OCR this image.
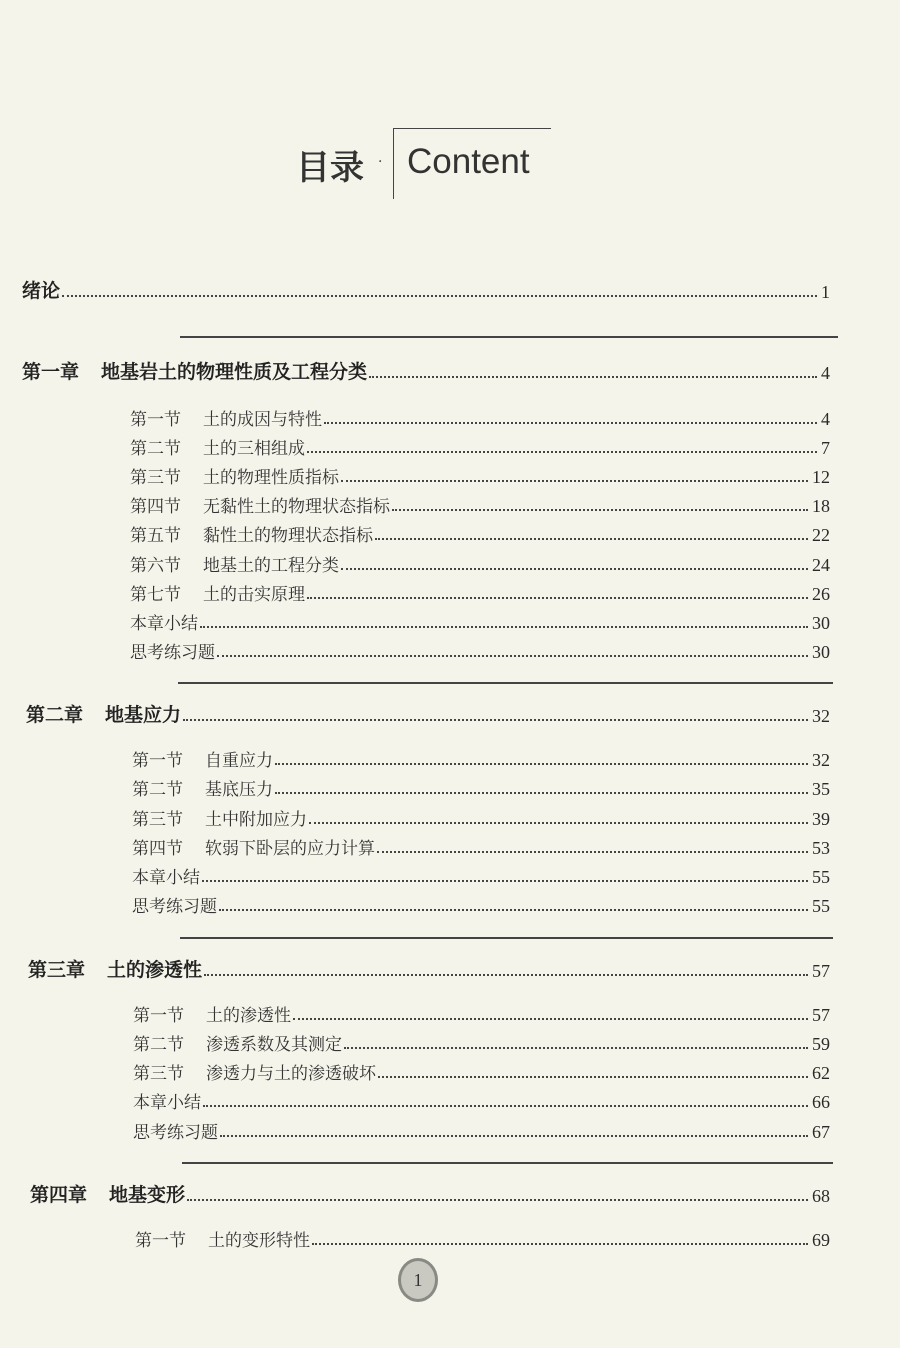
目录 · Content
绪论	1
第一章 地基岩土的物理性质及工程分类	4
第一节 土的成因与特性	4
第二节 土的三相组成	7
第三节 土的物理性质指标	12
第四节 无黏性土的物理状态指标	18
第五节 黏性土的物理状态指标	22
第六节 地基土的工程分类	24
第七节 土的击实原理	26
本章小结	30
思考练习题	30
第二章 地基应力	32
第一节 自重应力	32
第二节 基底压力	35
第三节 土中附加应力	39
第四节 软弱下卧层的应力计算	53
本章小结	55
思考练习题	55
第三章 土的渗透性	57
第一节 土的渗透性	57
第二节 渗透系数及其测定	59
第三节 渗透力与土的渗透破坏	62
本章小结	66
思考练习题	67
第四章 地基变形	68
第一节 土的变形特性	69
1
